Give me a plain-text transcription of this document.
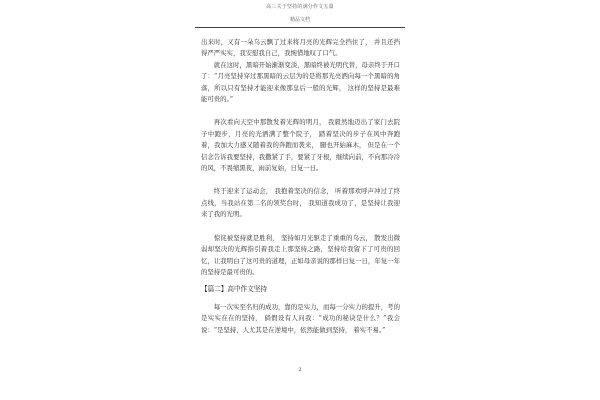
高三关于坚持的满分作文五篇
精品文档

出来时，又有一朵乌云飘了过来将月亮的光辉完全挡住了， 并且还挡得严严实实，我安慰我自己，我惋惜地叹了口气。

就在这时，黑暗开始渐渐变淡，黑暗终被光明代替，母亲终于开口了：“月亮坚持穿过那黑暗的云层为的是将那光亮洒向每一个黑暗的角落，所以只有坚持才能迎来像那皇后一般的光辉， 这样的坚持是最难能可贵的。”

再次看向天空中那散发着光辉的明月， 我毅然地迈出了家门去院子中跑步，月亮的光洒满了整个院子， 踏着坚决的步子在风中奔跑着，我加大力感又随着我的奔跑而袭来， 腿也开始麻木， 但是在一个信念告诉我要坚持，我撒紧了手，要紧了牙根，继续向前，不向那冷冷的风，不畏缩黑夜，雨前复始，日复一日。

终于迎来了运动会， 我抱着坚决的信念， 听着那欢呼声冲过了终点线，当我站在第二名的领奖台时， 我知道我成功了，是坚持让我迎来了我的光明。

惊诧被坚持就是胜利， 坚持如月光驱走了重重的乌云， 散发出微弱却坚决的光辉指引着我走上那坚持之路，坚持给我留下了可贵的回忆，让我明白了这可贵的道理，正如母亲说的那样日复一日，年复一年的坚持是最可贵的。

【篇二】高中作文坚持

每一次实至名归的成功，靠的是实力，而每一分实力的提升，考的是实实在在的坚持， 倘假设有人问我：“成功的秘诀是什么？”我会说：“是坚持，人尤其是在逆境中，依然能做到坚持， 着实不易。”

2
